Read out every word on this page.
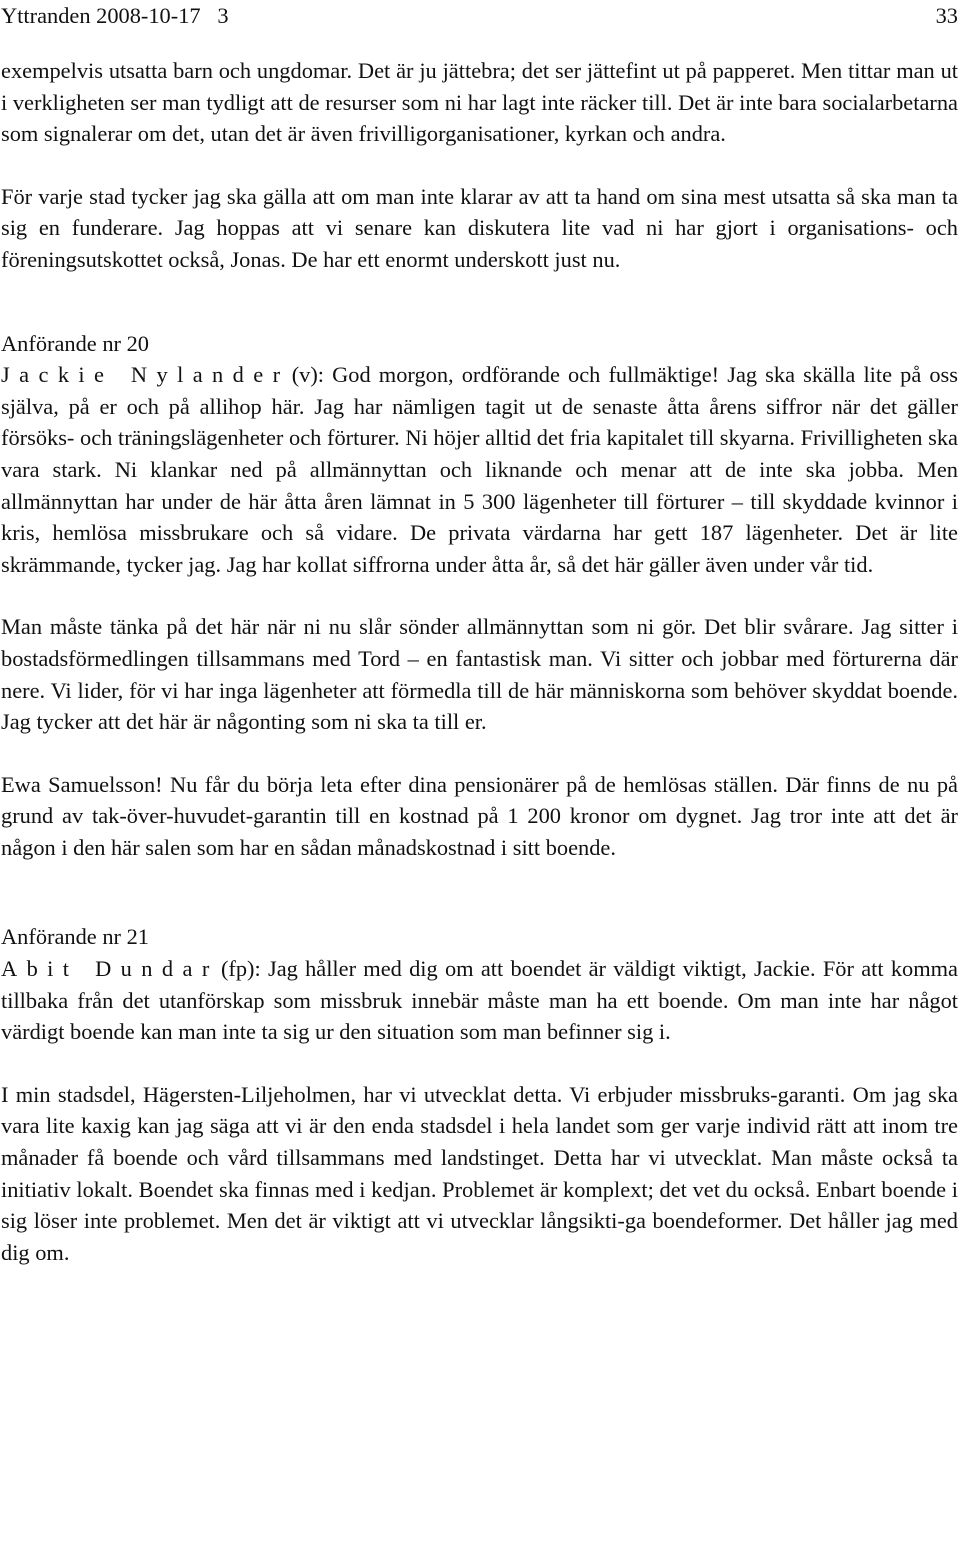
Yttranden 2008-10-17 3	33

exempelvis utsatta barn och ungdomar. Det är ju jättebra; det ser jättefint ut på papperet. Men tittar man ut i verkligheten ser man tydligt att de resurser som ni har lagt inte räcker till. Det är inte bara socialarbetarna som signalerar om det, utan det är även frivilligorganisationer, kyrkan och andra.

För varje stad tycker jag ska gälla att om man inte klarar av att ta hand om sina mest utsatta så ska man ta sig en funderare. Jag hoppas att vi senare kan diskutera lite vad ni har gjort i organisations- och föreningsutskottet också, Jonas. De har ett enormt underskott just nu.

Anförande nr 20

Jackie Nylander(v): God morgon, ordförande och fullmäktige! Jag ska skälla lite på oss själva, på er och på allihop här. Jag har nämligen tagit ut de senaste åtta årens siffror när det gäller försöks- och träningslägenheter och förturer. Ni höjer alltid det fria kapitalet till skyarna. Frivilligheten ska vara stark. Ni klankar ned på allmännyttan och liknande och menar att de inte ska jobba. Men allmännyttan har under de här åtta åren lämnat in 5 300 lägenheter till förturer – till skyddade kvinnor i kris, hemlösa missbrukare och så vidare. De privata värdarna har gett 187 lägenheter. Det är lite skrämmande, tycker jag. Jag har kollat siffrorna under åtta år, så det här gäller även under vår tid.

Man måste tänka på det här när ni nu slår sönder allmännyttan som ni gör. Det blir svårare. Jag sitter i bostadsförmedlingen tillsammans med Tord – en fantastisk man. Vi sitter och jobbar med förturerna där nere. Vi lider, för vi har inga lägenheter att förmedla till de här människorna som behöver skyddat boende. Jag tycker att det här är någonting som ni ska ta till er.

Ewa Samuelsson! Nu får du börja leta efter dina pensionärer på de hemlösas ställen. Där finns de nu på grund av tak-över-huvudet-garantin till en kostnad på 1 200 kronor om dygnet. Jag tror inte att det är någon i den här salen som har en sådan månadskostnad i sitt boende.

Anförande nr 21

Abit Dundar(fp): Jag håller med dig om att boendet är väldigt viktigt, Jackie. För att komma tillbaka från det utanförskap som missbruk innebär måste man ha ett boende. Om man inte har något värdigt boende kan man inte ta sig ur den situation som man befinner sig i.

I min stadsdel, Hägersten-Liljeholmen, har vi utvecklat detta. Vi erbjuder missbruks-garanti. Om jag ska vara lite kaxig kan jag säga att vi är den enda stadsdel i hela landet som ger varje individ rätt att inom tre månader få boende och vård tillsammans med landstinget. Detta har vi utvecklat. Man måste också ta initiativ lokalt. Boendet ska finnas med i kedjan. Problemet är komplext; det vet du också. Enbart boende i sig löser inte problemet. Men det är viktigt att vi utvecklar långsikti-ga boendeformer. Det håller jag med dig om.
